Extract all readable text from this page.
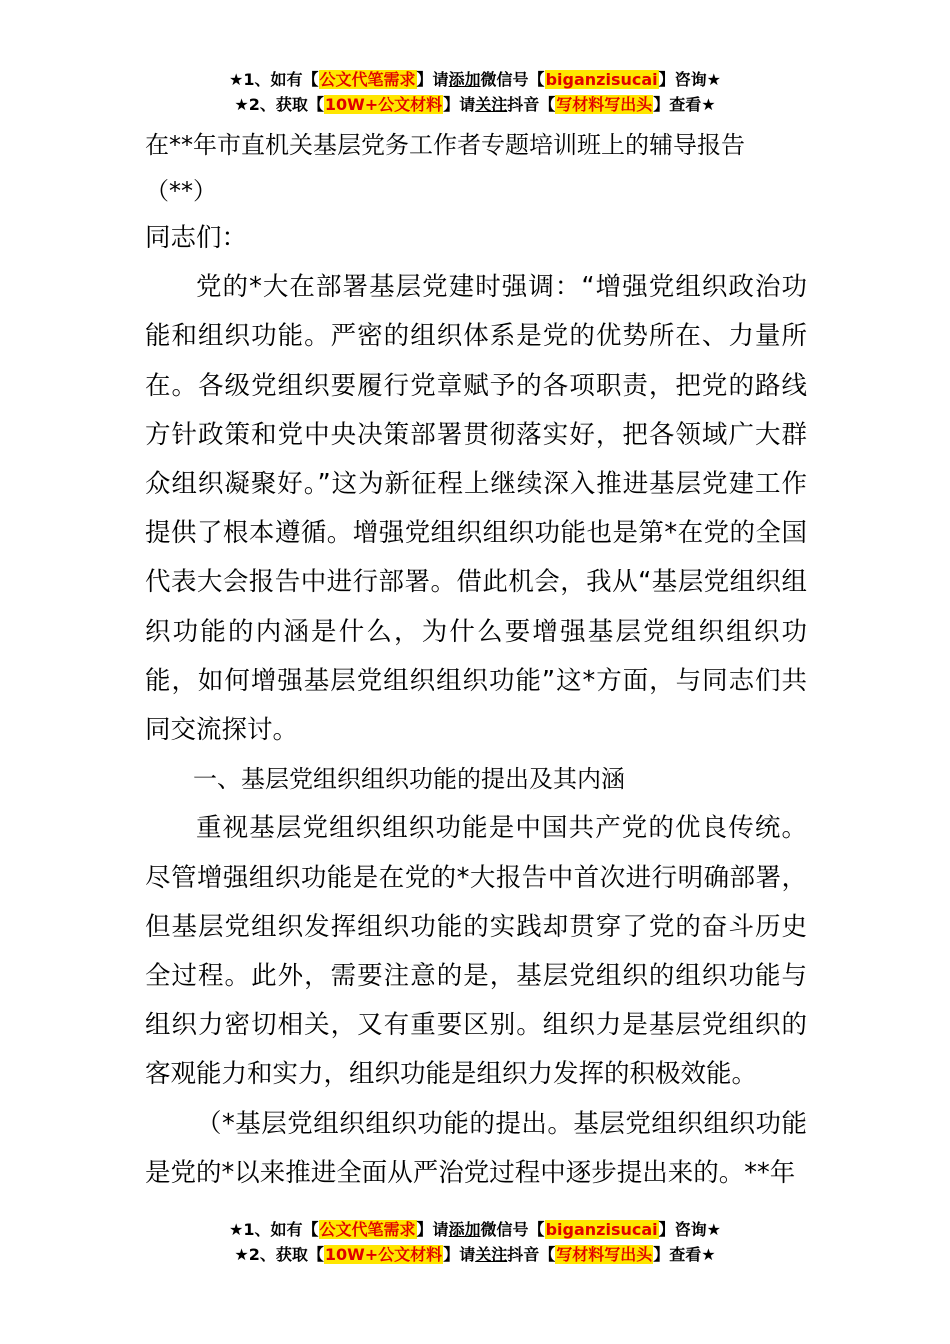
★1、如有【公文代笔需求】请添加微信号【biganzisucai】咨询★
★2、获取【10W+公文材料】请关注抖音【写材料写出头】查看★

在**年市直机关基层党务工作者专题培训班上的辅导报告

（**）

同志们：

党的*大在部署基层党建时强调：“增强党组织政治功能和组织功能。严密的组织体系是党的优势所在、力量所在。各级党组织要履行党章赋予的各项职责，把党的路线方针政策和党中央决策部署贯彻落实好，把各领域广大群众组织凝聚好。”这为新征程上继续深入推进基层党建工作提供了根本遵循。增强党组织组织功能也是第*在党的全国代表大会报告中进行部署。借此机会，我从“基层党组织组织功能的内涵是什么，为什么要增强基层党组织组织功能，如何增强基层党组织组织功能”这*方面，与同志们共同交流探讨。

一、基层党组织组织功能的提出及其内涵

重视基层党组织组织功能是中国共产党的优良传统。尽管增强组织功能是在党的*大报告中首次进行明确部署，但基层党组织发挥组织功能的实践却贯穿了党的奋斗历史全过程。此外，需要注意的是，基层党组织的组织功能与组织力密切相关，又有重要区别。组织力是基层党组织的客观能力和实力，组织功能是组织力发挥的积极效能。

（*基层党组织组织功能的提出。基层党组织组织功能是党的*以来推进全面从严治党过程中逐步提出来的。**年

★1、如有【公文代笔需求】请添加微信号【biganzisucai】咨询★
★2、获取【10W+公文材料】请关注抖音【写材料写出头】查看★
